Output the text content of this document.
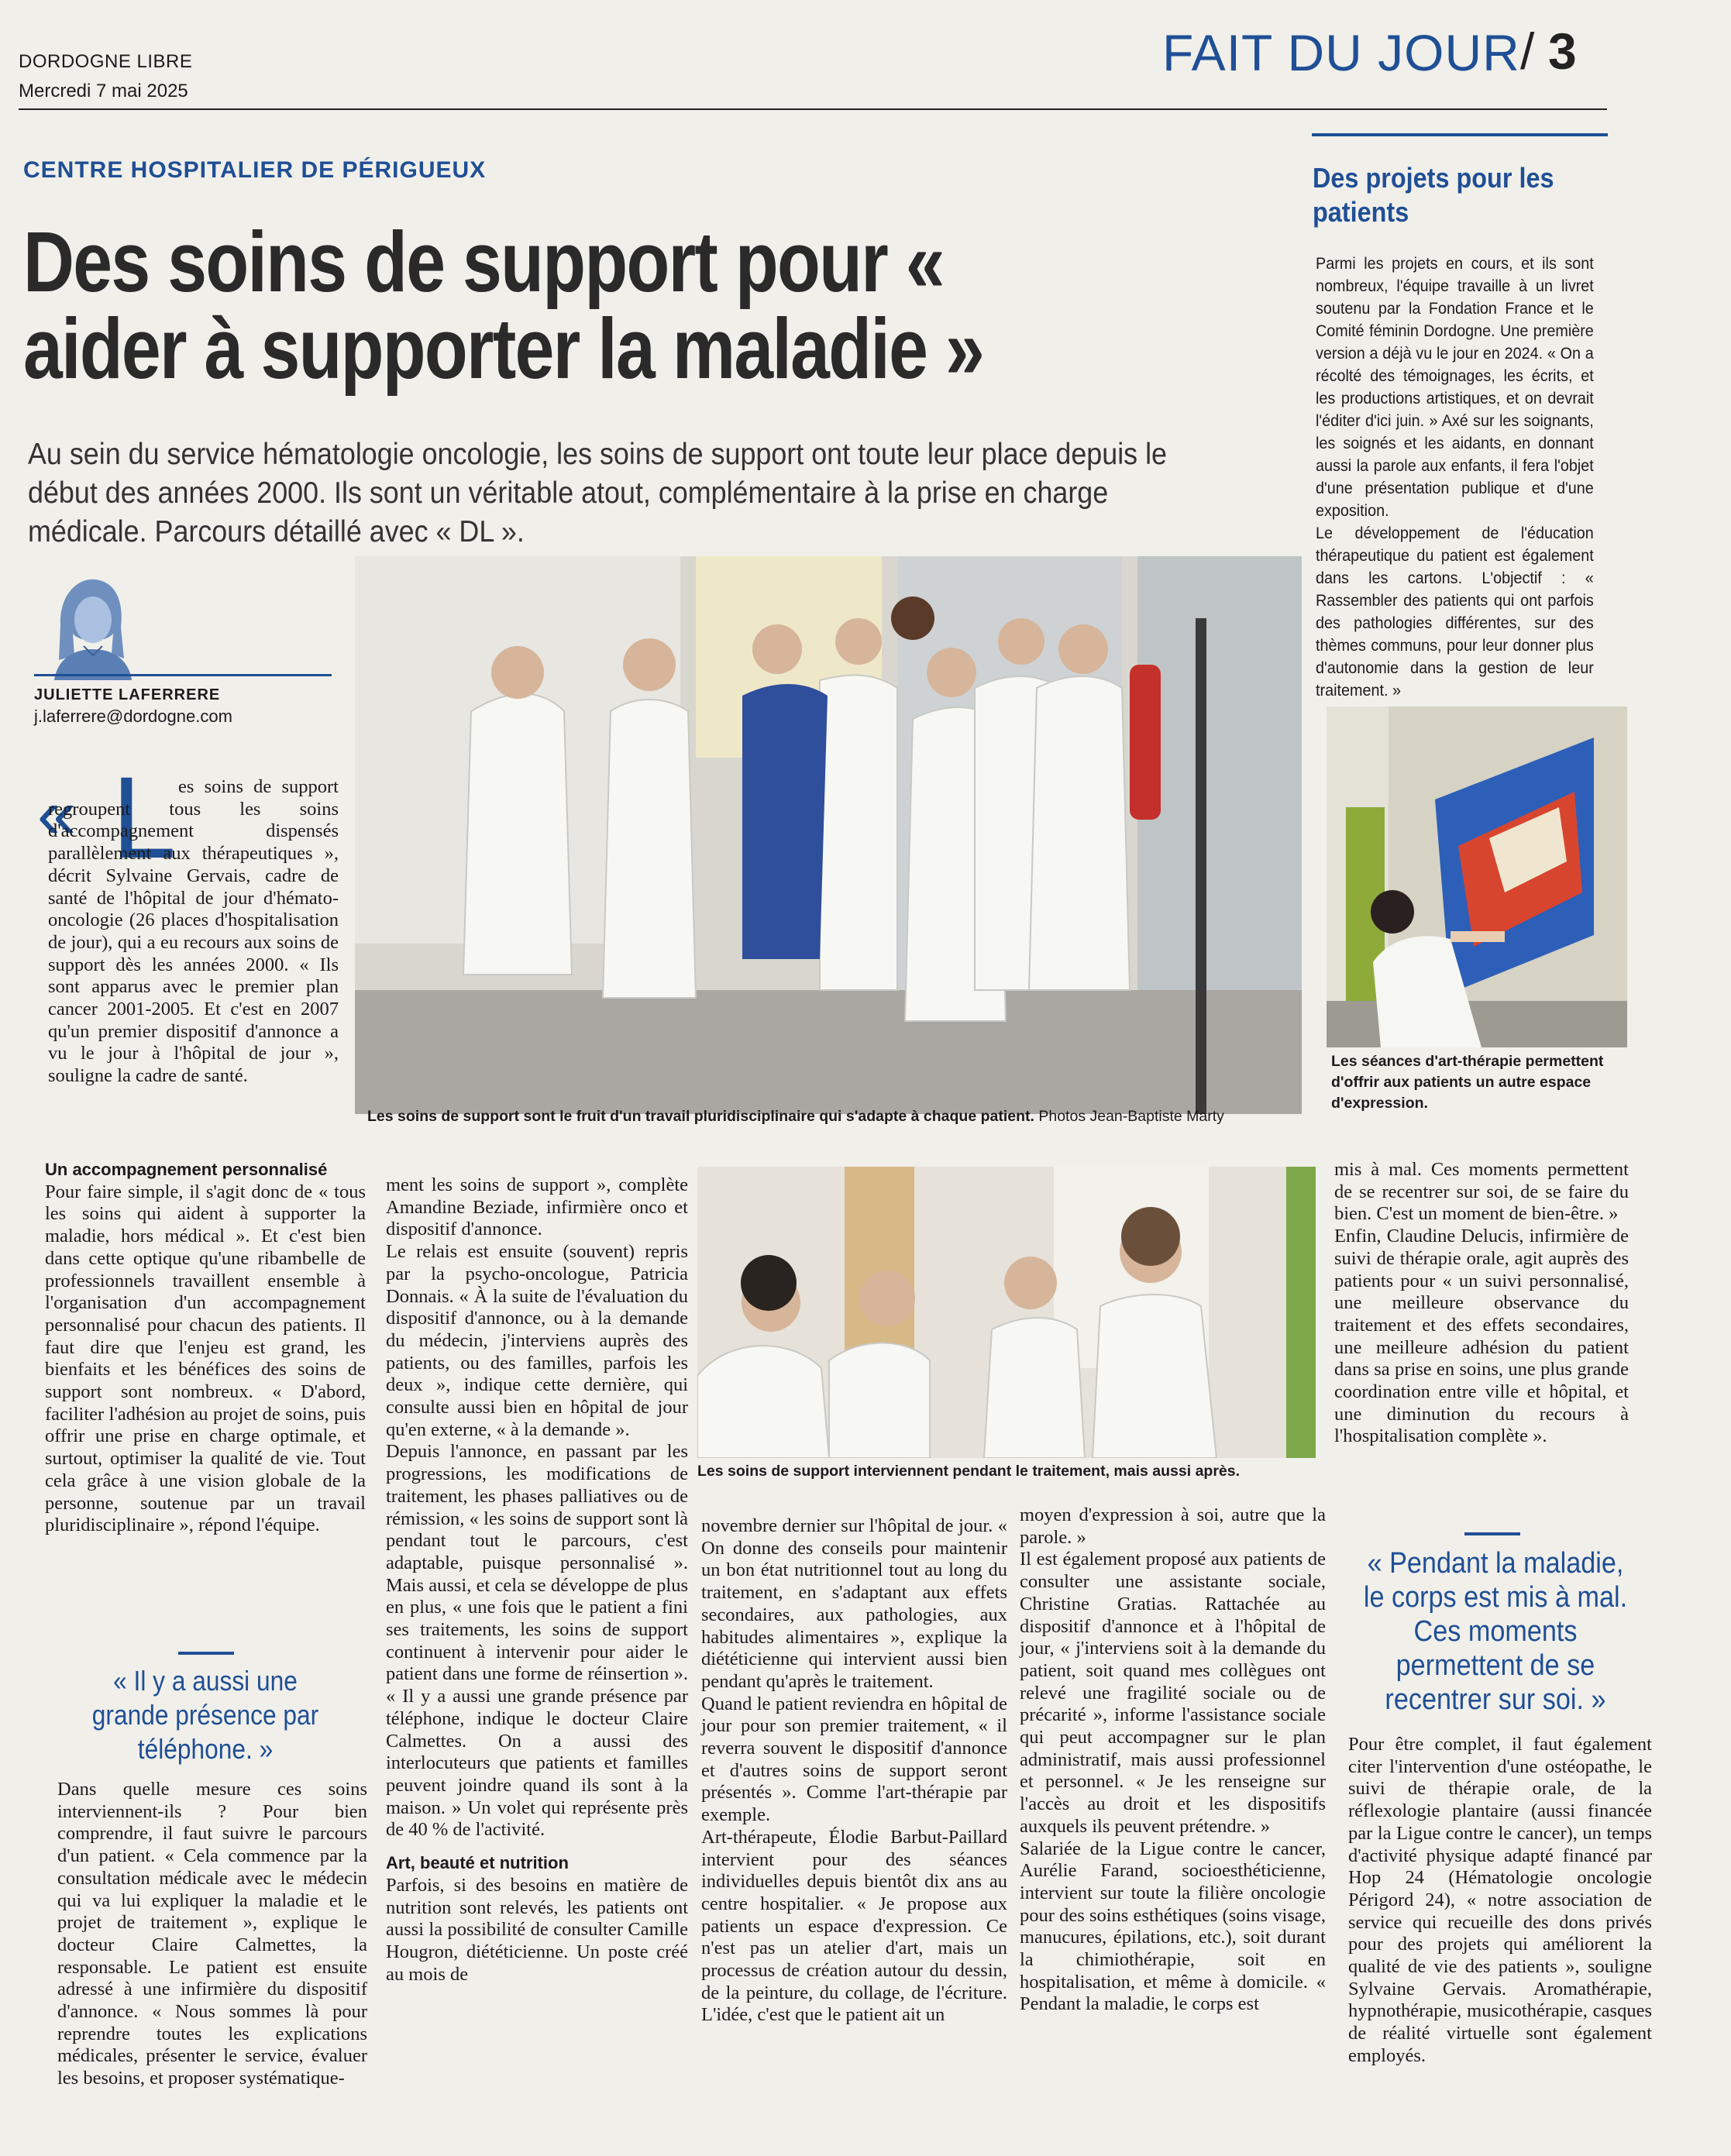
DORDOGNE LIBRE
Mercredi 7 mai 2025
FAIT DU JOUR / 3
CENTRE HOSPITALIER DE PÉRIGUEUX
Des soins de support pour « aider à supporter la maladie »
Au sein du service hématologie oncologie, les soins de support ont toute leur place depuis le début des années 2000. Ils sont un véritable atout, complémentaire à la prise en charge médicale. Parcours détaillé avec « DL ».
JULIETTE LAFERRERE
j.laferrere@dordogne.com
« L es soins de support regroupent tous les soins d'accompagnement dispensés parallèlement aux thérapeutiques », décrit Sylvaine Gervais, cadre de santé de l'hôpital de jour d'hémato-oncologie (26 places d'hospitalisation de jour), qui a eu recours aux soins de support dès les années 2000. « Ils sont apparus avec le premier plan cancer 2001-2005. Et c'est en 2007 qu'un premier dispositif d'annonce a vu le jour à l'hôpital de jour », souligne la cadre de santé.

Un accompagnement personnalisé

Pour faire simple, il s'agit donc de « tous les soins qui aident à supporter la maladie, hors médical ». Et c'est bien dans cette optique qu'une ribambelle de professionnels travaillent ensemble à l'organisation d'un accompagnement personnalisé pour chacun des patients. Il faut dire que l'enjeu est grand, les bienfaits et les bénéfices des soins de support sont nombreux. « D'abord, faciliter l'adhésion au projet de soins, puis offrir une prise en charge optimale, et surtout, optimiser la qualité de vie. Tout cela grâce à une vision globale de la personne, soutenue par un travail pluridisciplinaire », répond l'équipe.

« Il y a aussi une grande présence par téléphone. »

Dans quelle mesure ces soins interviennent-ils ? Pour bien comprendre, il faut suivre le parcours d'un patient. « Cela commence par la consultation médicale avec le médecin qui va lui expliquer la maladie et le projet de traitement », explique le docteur Claire Calmettes, la responsable. Le patient est ensuite adressé à une infirmière du dispositif d'annonce. « Nous sommes là pour reprendre toutes les explications médicales, présenter le service, évaluer les besoins, et proposer systématique-

ment les soins de support », complète Amandine Beziade, infirmière onco et dispositif d'annonce.

Le relais est ensuite (souvent) repris par la psycho-oncologue, Patricia Donnais. « À la suite de l'évaluation du dispositif d'annonce, ou à la demande du médecin, j'interviens auprès des patients, ou des familles, parfois les deux », indique cette dernière, qui consulte aussi bien en hôpital de jour qu'en externe, « à la demande ».

Depuis l'annonce, en passant par les progressions, les modifications de traitement, les phases palliatives ou de rémission, « les soins de support sont là pendant tout le parcours, c'est adaptable, puisque personnalisé ». Mais aussi, et cela se développe de plus en plus, « une fois que le patient a fini ses traitements, les soins de support continuent à intervenir pour aider le patient dans une forme de réinsertion ». « Il y a aussi une grande présence par téléphone, indique le docteur Claire Calmettes. On a aussi des interlocuteurs que patients et familles peuvent joindre quand ils sont à la maison. » Un volet qui représente près de 40 % de l'activité.

Art, beauté et nutrition

Parfois, si des besoins en matière de nutrition sont relevés, les patients ont aussi la possibilité de consulter Camille Hougron, diététicienne. Un poste créé au mois de

novembre dernier sur l'hôpital de jour. « On donne des conseils pour maintenir un bon état nutritionnel tout au long du traitement, en s'adaptant aux effets secondaires, aux pathologies, aux habitudes alimentaires », explique la diététicienne qui intervient aussi bien pendant qu'après le traitement.

Quand le patient reviendra en hôpital de jour pour son premier traitement, « il reverra souvent le dispositif d'annonce et d'autres soins de support seront présentés ». Comme l'art-thérapie par exemple.

Art-thérapeute, Élodie Barbut-Paillard intervient pour des séances individuelles depuis bientôt dix ans au centre hospitalier. « Je propose aux patients un espace d'expression. Ce n'est pas un atelier d'art, mais un processus de création autour du dessin, de la peinture, du collage, de l'écriture. L'idée, c'est que le patient ait un

moyen d'expression à soi, autre que la parole. »

Il est également proposé aux patients de consulter une assistante sociale, Christine Gratias. Rattachée au dispositif d'annonce et à l'hôpital de jour, « j'interviens soit à la demande du patient, soit quand mes collègues ont relevé une fragilité sociale ou de précarité », informe l'assistance sociale qui peut accompagner sur le plan administratif, mais aussi professionnel et personnel. « Je les renseigne sur l'accès au droit et les dispositifs auxquels ils peuvent prétendre. »

Salariée de la Ligue contre le cancer, Aurélie Farand, socioesthéticienne, intervient sur toute la filière oncologie pour des soins esthétiques (soins visage, manucures, épilations, etc.), soit durant la chimiothérapie, soit en hospitalisation, et même à domicile. « Pendant la maladie, le corps est

Des projets pour les patients

Parmi les projets en cours, et ils sont nombreux, l'équipe travaille à un livret soutenu par la Fondation France et le Comité féminin Dordogne. Une première version a déjà vu le jour en 2024. « On a récolté des témoignages, les écrits, et les productions artistiques, et on devrait l'éditer d'ici juin. » Axé sur les soignants, les soignés et les aidants, en donnant aussi la parole aux enfants, il fera l'objet d'une présentation publique et d'une exposition.

Le développement de l'éducation thérapeutique du patient est également dans les cartons. L'objectif : « Rassembler des patients qui ont parfois des pathologies différentes, sur des thèmes communs, pour leur donner plus d'autonomie dans la gestion de leur traitement. »

mis à mal. Ces moments permettent de se recentrer sur soi, de se faire du bien. C'est un moment de bien-être. »

Enfin, Claudine Delucis, infirmière de suivi de thérapie orale, agit auprès des patients pour « un suivi personnalisé, une meilleure observance du traitement et des effets secondaires, une meilleure adhésion du patient dans sa prise en soins, une plus grande coordination entre ville et hôpital, et une diminution du recours à l'hospitalisation complète ».

« Pendant la maladie, le corps est mis à mal. Ces moments permettent de se recentrer sur soi. »

Pour être complet, il faut également citer l'intervention d'une ostéopathe, le suivi de thérapie orale, de la réflexologie plantaire (aussi financée par la Ligue contre le cancer), un temps d'activité physique adapté financé par Hop 24 (Hématologie oncologie Périgord 24), « notre association de service qui recueille des dons privés pour des projets qui améliorent la qualité de vie des patients », souligne Sylvaine Gervais. Aromathérapie, hypnothérapie, musicothérapie, casques de réalité virtuelle sont également employés.

Les soins de support sont le fruit d'un travail pluridisciplinaire qui s'adapte à chaque patient. Photos Jean-Baptiste Marty
Les séances d'art-thérapie permettent d'offrir aux patients un autre espace d'expression.
Les soins de support interviennent pendant le traitement, mais aussi après.
